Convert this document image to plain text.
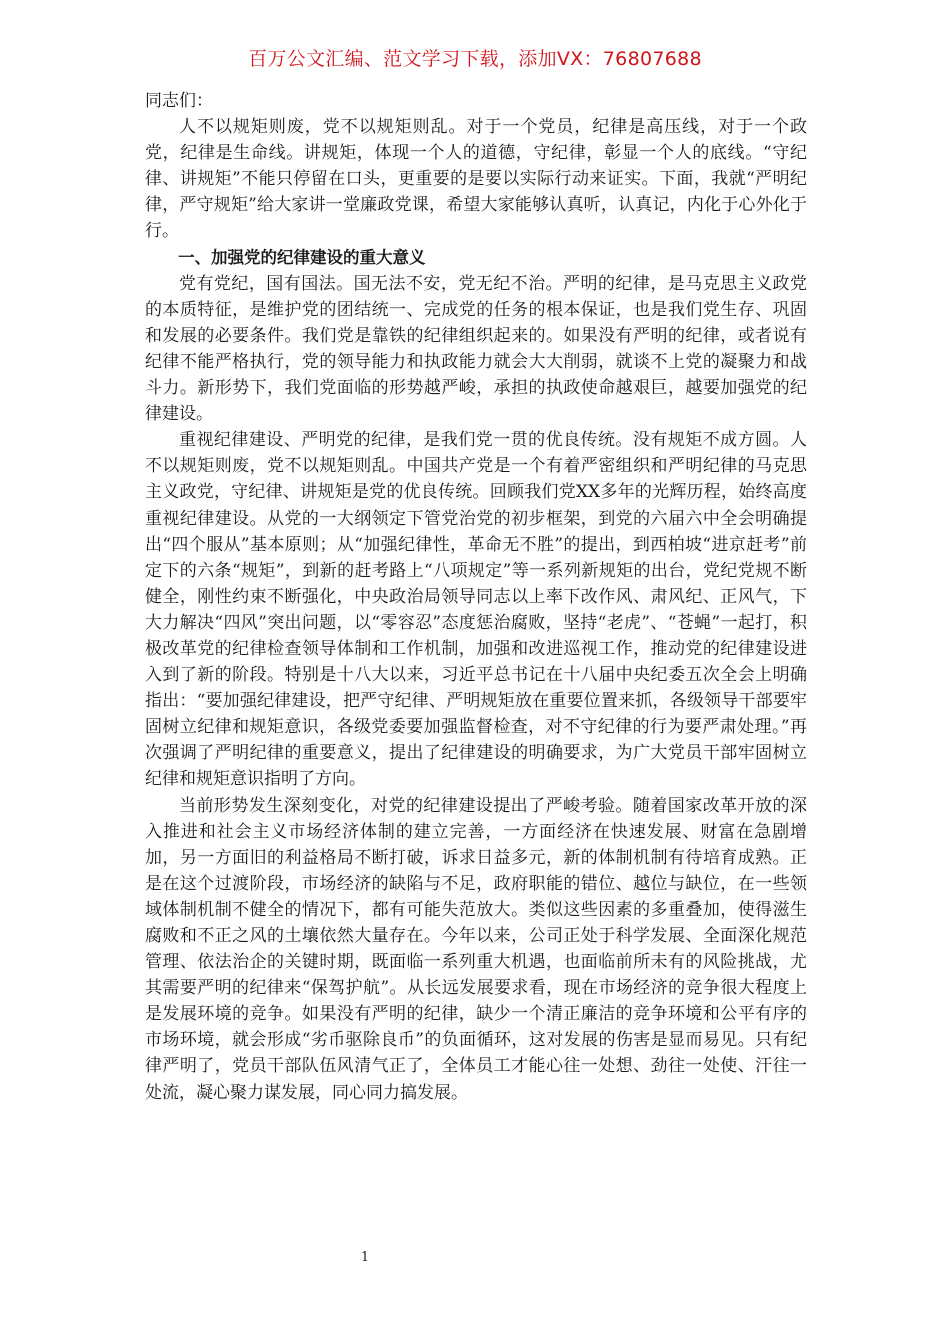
百万公文汇编、范文学习下载，添加VX：76807688

同志们：

人不以规矩则废，党不以规矩则乱。对于一个党员，纪律是高压线，对于一个政党，纪律是生命线。讲规矩，体现一个人的道德，守纪律，彰显一个人的底线。“守纪律、讲规矩”不能只停留在口头，更重要的是要以实际行动来证实。下面，我就“严明纪律，严守规矩”给大家讲一堂廉政党课，希望大家能够认真听，认真记，内化于心外化于行。

一、加强党的纪律建设的重大意义

党有党纪，国有国法。国无法不安，党无纪不治。严明的纪律，是马克思主义政党的本质特征，是维护党的团结统一、完成党的任务的根本保证，也是我们党生存、巩固和发展的必要条件。我们党是靠铁的纪律组织起来的。如果没有严明的纪律，或者说有纪律不能严格执行，党的领导能力和执政能力就会大大削弱，就谈不上党的凝聚力和战斗力。新形势下，我们党面临的形势越严峻，承担的执政使命越艰巨，越要加强党的纪律建设。

重视纪律建设、严明党的纪律，是我们党一贯的优良传统。没有规矩不成方圆。人不以规矩则废，党不以规矩则乱。中国共产党是一个有着严密组织和严明纪律的马克思主义政党，守纪律、讲规矩是党的优良传统。回顾我们党XX多年的光辉历程，始终高度重视纪律建设。从党的一大纲领定下管党治党的初步框架，到党的六届六中全会明确提出“四个服从”基本原则；从“加强纪律性，革命无不胜”的提出，到西柏坡“进京赶考”前定下的六条“规矩”，到新的赶考路上“八项规定”等一系列新规矩的出台，党纪党规不断健全，刚性约束不断强化，中央政治局领导同志以上率下改作风、肃风纪、正风气，下大力解决“四风”突出问题，以“零容忍”态度惩治腐败，坚持“老虎”、“苍蝇”一起打，积极改革党的纪律检查领导体制和工作机制，加强和改进巡视工作，推动党的纪律建设进入到了新的阶段。特别是十八大以来，习近平总书记在十八届中央纪委五次全会上明确指出：“要加强纪律建设，把严守纪律、严明规矩放在重要位置来抓，各级领导干部要牢固树立纪律和规矩意识，各级党委要加强监督检查，对不守纪律的行为要严肃处理。”再次强调了严明纪律的重要意义，提出了纪律建设的明确要求，为广大党员干部牢固树立纪律和规矩意识指明了方向。

当前形势发生深刻变化，对党的纪律建设提出了严峻考验。随着国家改革开放的深入推进和社会主义市场经济体制的建立完善，一方面经济在快速发展、财富在急剧增加，另一方面旧的利益格局不断打破，诉求日益多元，新的体制机制有待培育成熟。正是在这个过渡阶段，市场经济的缺陷与不足，政府职能的错位、越位与缺位，在一些领域体制机制不健全的情况下，都有可能失范放大。类似这些因素的多重叠加，使得滋生腐败和不正之风的土壤依然大量存在。今年以来，公司正处于科学发展、全面深化规范管理、依法治企的关键时期，既面临一系列重大机遇，也面临前所未有的风险挑战，尤其需要严明的纪律来“保驾护航”。从长远发展要求看，现在市场经济的竞争很大程度上是发展环境的竞争。如果没有严明的纪律，缺少一个清正廉洁的竞争环境和公平有序的市场环境，就会形成“劣币驱除良币”的负面循环，这对发展的伤害是显而易见。只有纪律严明了，党员干部队伍风清气正了，全体员工才能心往一处想、劲往一处使、汗往一处流，凝心聚力谋发展，同心同力搞发展。

1
